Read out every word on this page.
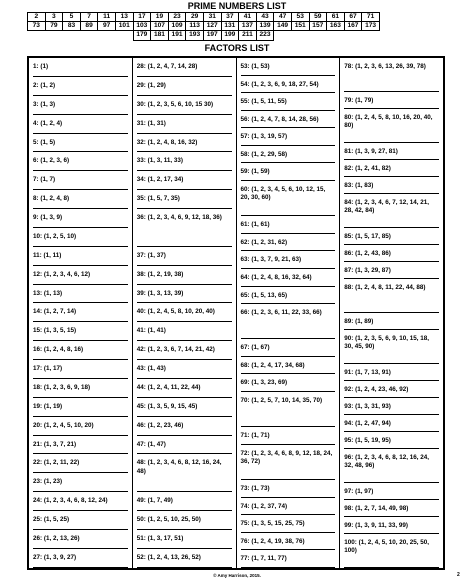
PRIME NUMBERS LIST
2	3	5	7	11	13	17	19	23	29	31	37	41	43	47	53	59	61	67	71
73	79	83	89	97	101	103	107	109	113	127	131	137	139	149	151	157	163	167	173
						179	181	191	193	197	199	211	223						
FACTORS LIST
1: (1)
2: (1, 2)
3: (1, 3)
4: (1, 2, 4)
5: (1, 5)
6: (1, 2, 3, 6)
7: (1, 7)
8: (1, 2, 4, 8)
9: (1, 3, 9)
10: (1, 2, 5, 10)
11: (1, 11)
12: (1, 2, 3, 4, 6, 12)
13: (1, 13)
14: (1, 2, 7, 14)
15: (1, 3, 5, 15)
16: (1, 2, 4, 8, 16)
17: (1, 17)
18: (1, 2, 3, 6, 9, 18)
19: (1, 19)
20: (1, 2, 4, 5, 10, 20)
21: (1, 3, 7, 21)
22: (1, 2, 11, 22)
23: (1, 23)
24: (1, 2, 3, 4, 6, 8, 12, 24)
25: (1, 5, 25)
26: (1, 2, 13, 26)
27: (1, 3, 9, 27)
28: (1, 2, 4, 7, 14, 28)
29: (1, 29)
30: (1, 2, 3, 5, 6, 10, 15 30)
31: (1, 31)
32: (1, 2, 4, 8, 16, 32)
33: (1, 3, 11, 33)
34: (1, 2, 17, 34)
35: (1, 5, 7, 35)
36: (1, 2, 3, 4, 6, 9, 12, 18, 36)
37: (1, 37)
38: (1, 2, 19, 38)
39: (1, 3, 13, 39)
40: (1, 2, 4, 5, 8, 10, 20, 40)
41: (1, 41)
42: (1, 2, 3, 6, 7, 14, 21, 42)
43: (1, 43)
44: (1, 2, 4, 11, 22, 44)
45: (1, 3, 5, 9, 15, 45)
46: (1, 2, 23, 46)
47: (1, 47)
48: (1, 2, 3, 4, 6, 8, 12, 16, 24, 48)
49: (1, 7, 49)
50: (1, 2, 5, 10, 25, 50)
51: (1, 3, 17, 51)
52: (1, 2, 4, 13, 26, 52)
53: (1, 53)
54: (1, 2, 3, 6, 9, 18, 27, 54)
55: (1, 5, 11, 55)
56: (1, 2, 4, 7, 8, 14, 28, 56)
57: (1, 3, 19, 57)
58: (1, 2, 29, 58)
59: (1, 59)
60: (1, 2, 3, 4, 5, 6, 10, 12, 15, 20, 30, 60)
61: (1, 61)
62: (1, 2, 31, 62)
63: (1, 3, 7, 9, 21, 63)
64: (1, 2, 4, 8, 16, 32, 64)
65: (1, 5, 13, 65)
66: (1, 2, 3, 6, 11, 22, 33, 66)
67: (1, 67)
68: (1, 2, 4, 17, 34, 68)
69: (1, 3, 23, 69)
70: (1, 2, 5, 7, 10, 14, 35, 70)
71: (1, 71)
72: (1, 2, 3, 4, 6, 8, 9, 12, 18, 24, 36, 72)
73: (1, 73)
74: (1, 2, 37, 74)
75: (1, 3, 5, 15, 25, 75)
76: (1, 2, 4, 19, 38, 76)
77: (1, 7, 11, 77)
78: (1, 2, 3, 6, 13, 26, 39, 78)
79: (1, 79)
80: (1, 2, 4, 5, 8, 10, 16, 20, 40, 80)
81: (1, 3, 9, 27, 81)
82: (1, 2, 41, 82)
83: (1, 83)
84: (1, 2, 3, 4, 6, 7, 12, 14, 21, 28, 42, 84)
85: (1, 5, 17, 85)
86: (1, 2, 43, 86)
87: (1, 3, 29, 87)
88: (1, 2, 4, 8, 11, 22, 44, 88)
89: (1, 89)
90: (1, 2, 3, 5, 6, 9, 10, 15, 18, 30, 45, 90)
91: (1, 7, 13, 91)
92: (1, 2, 4, 23, 46, 92)
93: (1, 3, 31, 93)
94: (1, 2, 47, 94)
95: (1, 5, 19, 95)
96: (1, 2, 3, 4, 6, 8, 12, 16, 24, 32, 48, 96)
97: (1, 97)
98: (1, 2, 7, 14, 49, 98)
99: (1, 3, 9, 11, 33, 99)
100: (1, 2, 4, 5, 10, 20, 25, 50, 100)
© Amy Harrison, 2015.	2
